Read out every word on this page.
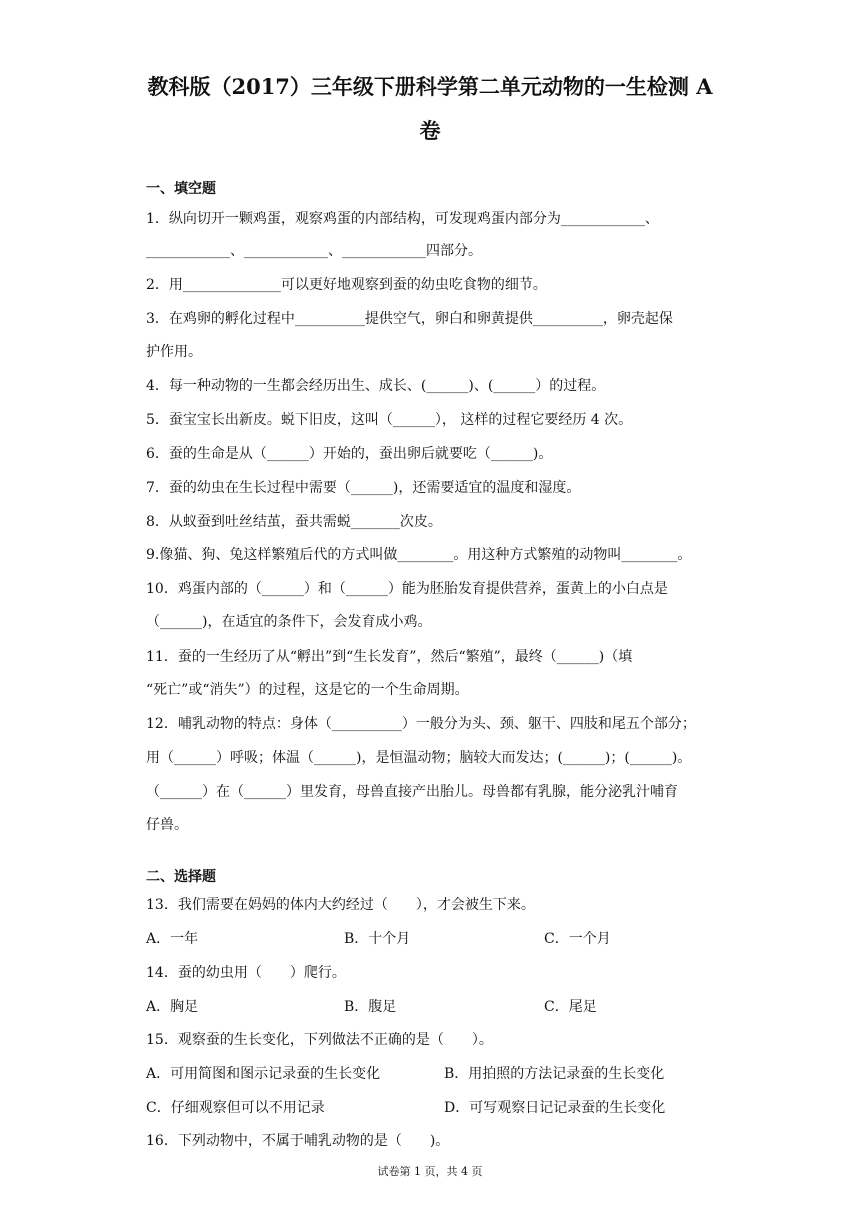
教科版（2017）三年级下册科学第二单元动物的一生检测 A
卷
一、填空题
1．纵向切开一颗鸡蛋，观察鸡蛋的内部结构，可发现鸡蛋内部分为____________、
____________、____________、____________四部分。
2．用______________可以更好地观察到蚕的幼虫吃食物的细节。
3．在鸡卵的孵化过程中__________提供空气，卵白和卵黄提供__________，卵壳起保
护作用。
4．每一种动物的一生都会经历出生、成长、(______)、(______）的过程。
5．蚕宝宝长出新皮。蜕下旧皮，这叫（______）， 这样的过程它要经历 4 次。
6．蚕的生命是从（______）开始的，蚕出卵后就要吃（______)。
7．蚕的幼虫在生长过程中需要（______)，还需要适宜的温度和湿度。
8．从蚁蚕到吐丝结茧，蚕共需蜕_______次皮。
9.像猫、狗、兔这样繁殖后代的方式叫做________。用这种方式繁殖的动物叫________。
10．鸡蛋内部的（______）和（______）能为胚胎发育提供营养，蛋黄上的小白点是
（______)，在适宜的条件下，会发育成小鸡。
11．蚕的一生经历了从“孵出”到“生长发育”，然后“繁殖”，最终（______)（填
“死亡”或“消失”）的过程，这是它的一个生命周期。
12．哺乳动物的特点：身体（__________）一般分为头、颈、躯干、四肢和尾五个部分；
用（______）呼吸；体温（______)，是恒温动物；脑较大而发达；(______)；(______)。
（______）在（______）里发育，母兽直接产出胎儿。母兽都有乳腺，能分泌乳汁哺育
仔兽。
二、选择题
13．我们需要在妈妈的体内大约经过（　　），才会被生下来。
A．一年	B．十个月	C．一个月
14．蚕的幼虫用（　　）爬行。
A．胸足	B．腹足	C．尾足
15．观察蚕的生长变化，下列做法不正确的是（　　）。
A．可用简图和图示记录蚕的生长变化	B．用拍照的方法记录蚕的生长变化
C．仔细观察但可以不用记录	D．可写观察日记记录蚕的生长变化
16．下列动物中，不属于哺乳动物的是（　　)。
试卷第 1 页，共 4 页
